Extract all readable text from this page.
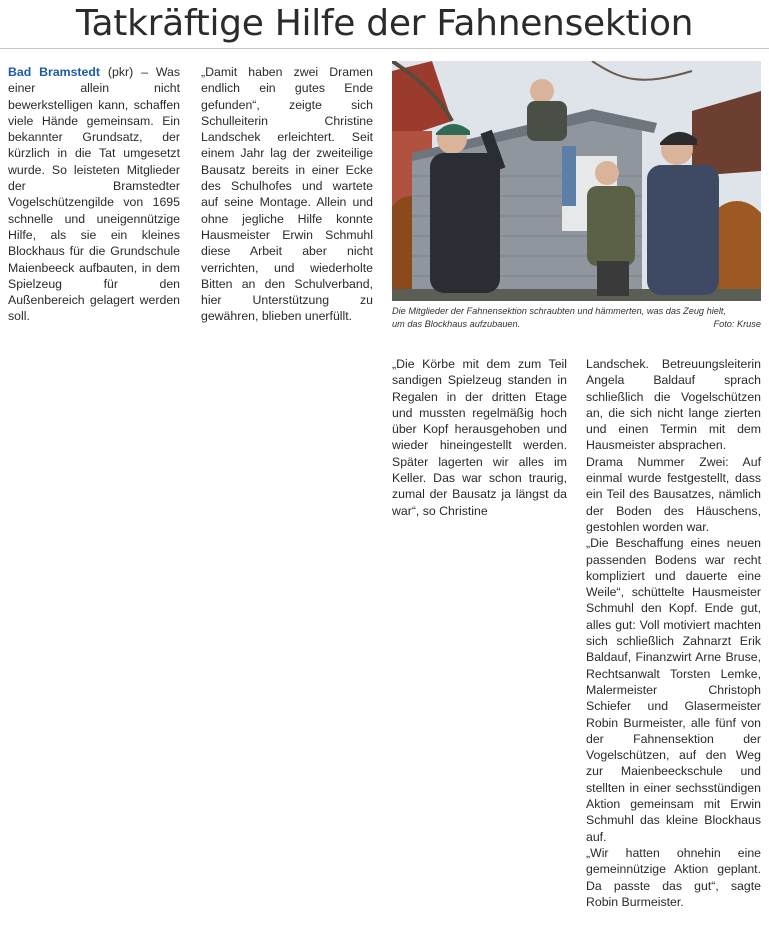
Tatkräftige Hilfe der Fahnensektion

Bad Bramstedt (pkr) – Was einer allein nicht bewerkstelligen kann, schaffen viele Hände gemeinsam. Ein bekannter Grundsatz, der kürzlich in die Tat umgesetzt wurde. So leisteten Mitglieder der Bramstedter Vogelschützengilde von 1695 schnelle und uneigennützige Hilfe, als sie ein kleines Blockhaus für die Grundschule Maienbeeck aufbauten, in dem Spielzeug für den Außenbereich gelagert werden soll.

„Damit haben zwei Dramen endlich ein gutes Ende gefunden“, zeigte sich Schulleiterin Christine Landschek erleichtert. Seit einem Jahr lag der zweiteilige Bausatz bereits in einer Ecke des Schulhofes und wartete auf seine Montage. Allein und ohne jegliche Hilfe konnte Hausmeister Erwin Schmuhl diese Arbeit aber nicht verrichten, und wiederholte Bitten an den Schulverband, hier Unterstützung zu gewähren, blieben unerfüllt.	Die Mitglieder der Fahnensektion schraubten und hämmerten, was das Zeug hielt,
Foto: Kruse
um das Blockhaus aufzubauen.

„Die Körbe mit dem zum Teil sandigen Spielzeug standen in Regalen in der dritten Etage und mussten regelmäßig hoch über Kopf herausgehoben und wieder hineingestellt werden. Später lagerten wir alles im Keller. Das war schon traurig, zumal der Bausatz ja längst da war“, so Christine

Landschek. Betreuungsleiterin Angela Baldauf sprach schließlich die Vogelschützen an, die sich nicht lange zierten und einen Termin mit dem Hausmeister absprachen.

Drama Nummer Zwei: Auf einmal wurde festgestellt, dass ein Teil des Bausatzes, nämlich der Boden des Häuschens, gestohlen worden war.

„Die Beschaffung eines neuen passenden Bodens war recht kompliziert und dauerte eine Weile“, schüttelte Hausmeister Schmuhl den Kopf. Ende gut, alles gut: Voll motiviert machten sich schließlich Zahnarzt Erik Baldauf, Finanzwirt Arne Bruse, Rechtsanwalt Torsten Lemke, Malermeister Christoph Schiefer und Glasermeister Robin Burmeister, alle fünf von der Fahnensektion der Vogelschützen, auf den Weg zur Maienbeeckschule und stellten in einer sechsstündigen Aktion gemeinsam mit Erwin Schmuhl das kleine Blockhaus auf.

„Wir hatten ohnehin eine gemeinnützige Aktion geplant. Da passte das gut“, sagte Robin Burmeister.
